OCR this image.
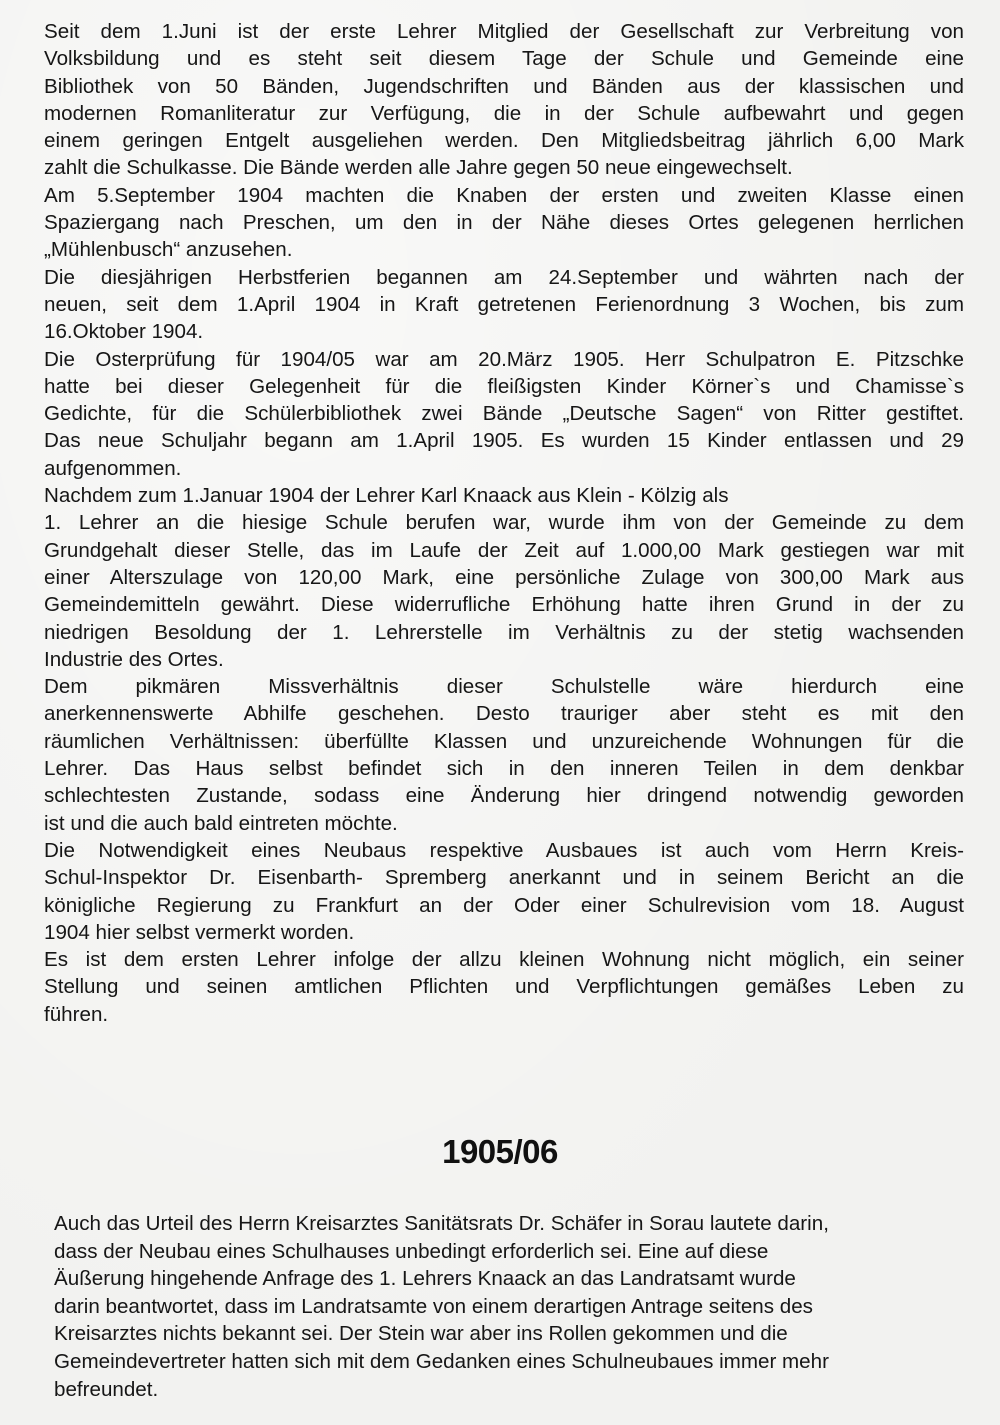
Seit dem 1.Juni ist der erste Lehrer Mitglied der Gesellschaft zur Verbreitung von
Volksbildung und es steht seit diesem Tage der Schule und Gemeinde eine
Bibliothek von 50 Bänden, Jugendschriften und Bänden aus der klassischen und
modernen Romanliteratur zur Verfügung, die in der Schule aufbewahrt und gegen
einem geringen Entgelt ausgeliehen werden. Den Mitgliedsbeitrag jährlich 6,00 Mark
zahlt die Schulkasse. Die Bände werden alle Jahre gegen 50 neue eingewechselt.

Am 5.September 1904 machten die Knaben der ersten und zweiten Klasse einen
Spaziergang nach Preschen, um den in der Nähe dieses Ortes gelegenen herrlichen
„Mühlenbusch“ anzusehen.

Die diesjährigen Herbstferien begannen am 24.September und währten nach der
neuen, seit dem 1.April 1904 in Kraft getretenen Ferienordnung 3 Wochen, bis zum
16.Oktober 1904.

Die Osterprüfung für 1904/05 war am 20.März 1905. Herr Schulpatron E. Pitzschke
hatte bei dieser Gelegenheit für die fleißigsten Kinder Körner`s und Chamisse`s
Gedichte, für die Schülerbibliothek zwei Bände „Deutsche Sagen“ von Ritter gestiftet.
Das neue Schuljahr begann am 1.April 1905. Es wurden 15 Kinder entlassen und 29
aufgenommen.

Nachdem zum 1.Januar 1904 der Lehrer Karl Knaack aus Klein - Kölzig als
1. Lehrer an die hiesige Schule berufen war, wurde ihm von der Gemeinde zu dem
Grundgehalt dieser Stelle, das im Laufe der Zeit auf 1.000,00 Mark gestiegen war mit
einer Alterszulage von 120,00 Mark, eine persönliche Zulage von 300,00 Mark aus
Gemeindemitteln gewährt. Diese widerrufliche Erhöhung hatte ihren Grund in der zu
niedrigen Besoldung der 1. Lehrerstelle im Verhältnis zu der stetig wachsenden
Industrie des Ortes.

Dem pikmären Missverhältnis dieser Schulstelle wäre hierdurch eine
anerkennenswerte Abhilfe geschehen. Desto trauriger aber steht es mit den
räumlichen Verhältnissen: überfüllte Klassen und unzureichende Wohnungen für die
Lehrer. Das Haus selbst befindet sich in den inneren Teilen in dem denkbar
schlechtesten Zustande, sodass eine Änderung hier dringend notwendig geworden
ist und die auch bald eintreten möchte.

Die Notwendigkeit eines Neubaus respektive Ausbaues ist auch vom Herrn Kreis-
Schul-Inspektor Dr. Eisenbarth- Spremberg anerkannt und in seinem Bericht an die
königliche Regierung zu Frankfurt an der Oder einer Schulrevision vom 18. August
1904 hier selbst vermerkt worden.

Es ist dem ersten Lehrer infolge der allzu kleinen Wohnung nicht möglich, ein seiner
Stellung und seinen amtlichen Pflichten und Verpflichtungen gemäßes Leben zu
führen.

1905/06

Auch das Urteil des Herrn Kreisarztes Sanitätsrats Dr. Schäfer in Sorau lautete darin,
dass der Neubau eines Schulhauses unbedingt erforderlich sei. Eine auf diese
Äußerung hingehende Anfrage des 1. Lehrers Knaack an das Landratsamt wurde
darin beantwortet, dass im Landratsamte von einem derartigen Antrage seitens des
Kreisarztes nichts bekannt sei. Der Stein war aber ins Rollen gekommen und die
Gemeindevertreter hatten sich mit dem Gedanken eines Schulneubaues immer mehr
befreundet.
